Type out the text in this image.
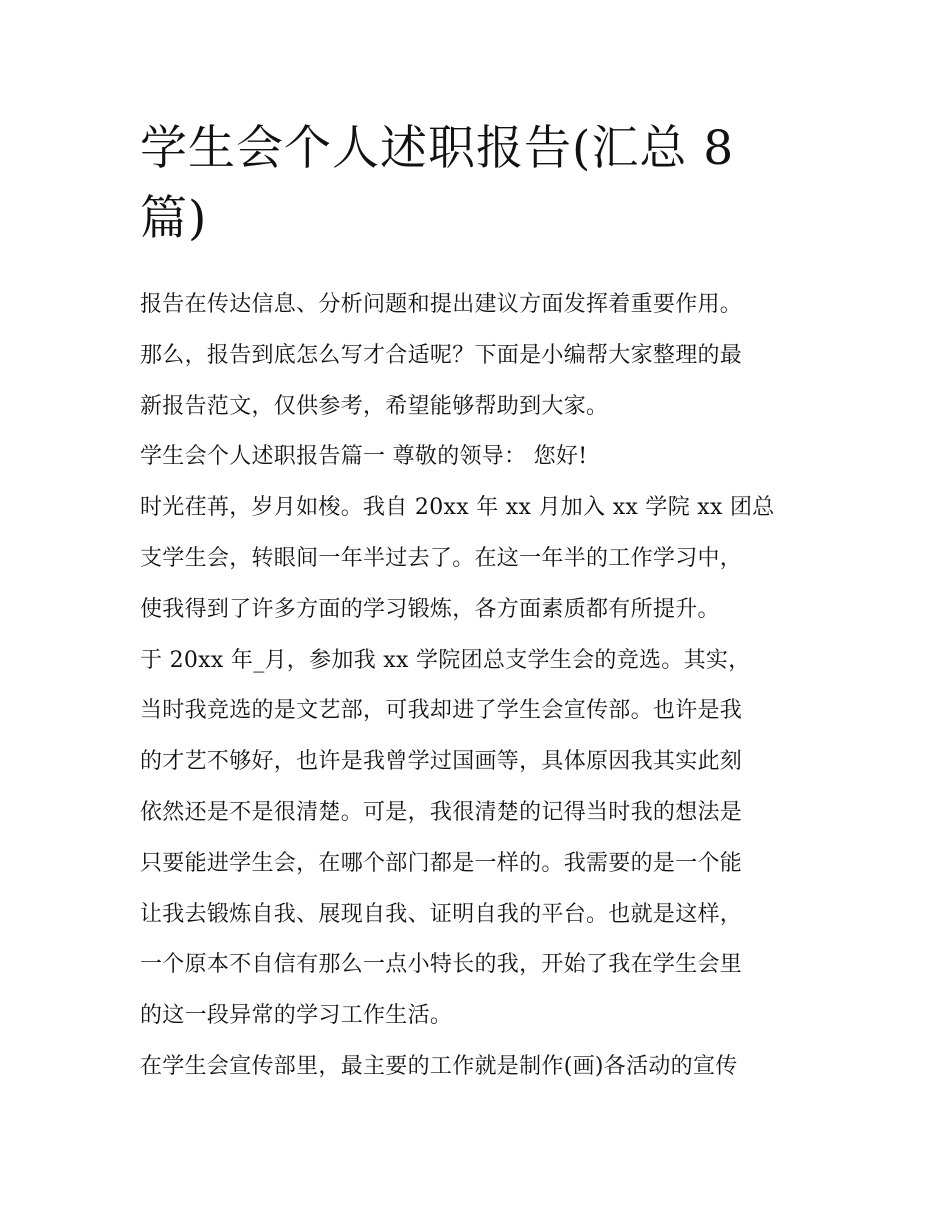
学生会个人述职报告(汇总 8
篇)
报告在传达信息、分析问题和提出建议方面发挥着重要作用。
那么，报告到底怎么写才合适呢？下面是小编帮大家整理的最
新报告范文，仅供参考，希望能够帮助到大家。
学生会个人述职报告篇一 尊敬的领导： 您好!
时光荏苒，岁月如梭。我自 20xx 年 xx 月加入 xx 学院 xx 团总
支学生会，转眼间一年半过去了。在这一年半的工作学习中，
使我得到了许多方面的学习锻炼，各方面素质都有所提升。
于 20xx 年_月，参加我 xx 学院团总支学生会的竞选。其实，
当时我竞选的是文艺部，可我却进了学生会宣传部。也许是我
的才艺不够好，也许是我曾学过国画等，具体原因我其实此刻
依然还是不是很清楚。可是，我很清楚的记得当时我的想法是
只要能进学生会，在哪个部门都是一样的。我需要的是一个能
让我去锻炼自我、展现自我、证明自我的平台。也就是这样，
一个原本不自信有那么一点小特长的我，开始了我在学生会里
的这一段异常的学习工作生活。
在学生会宣传部里，最主要的工作就是制作(画)各活动的宣传
